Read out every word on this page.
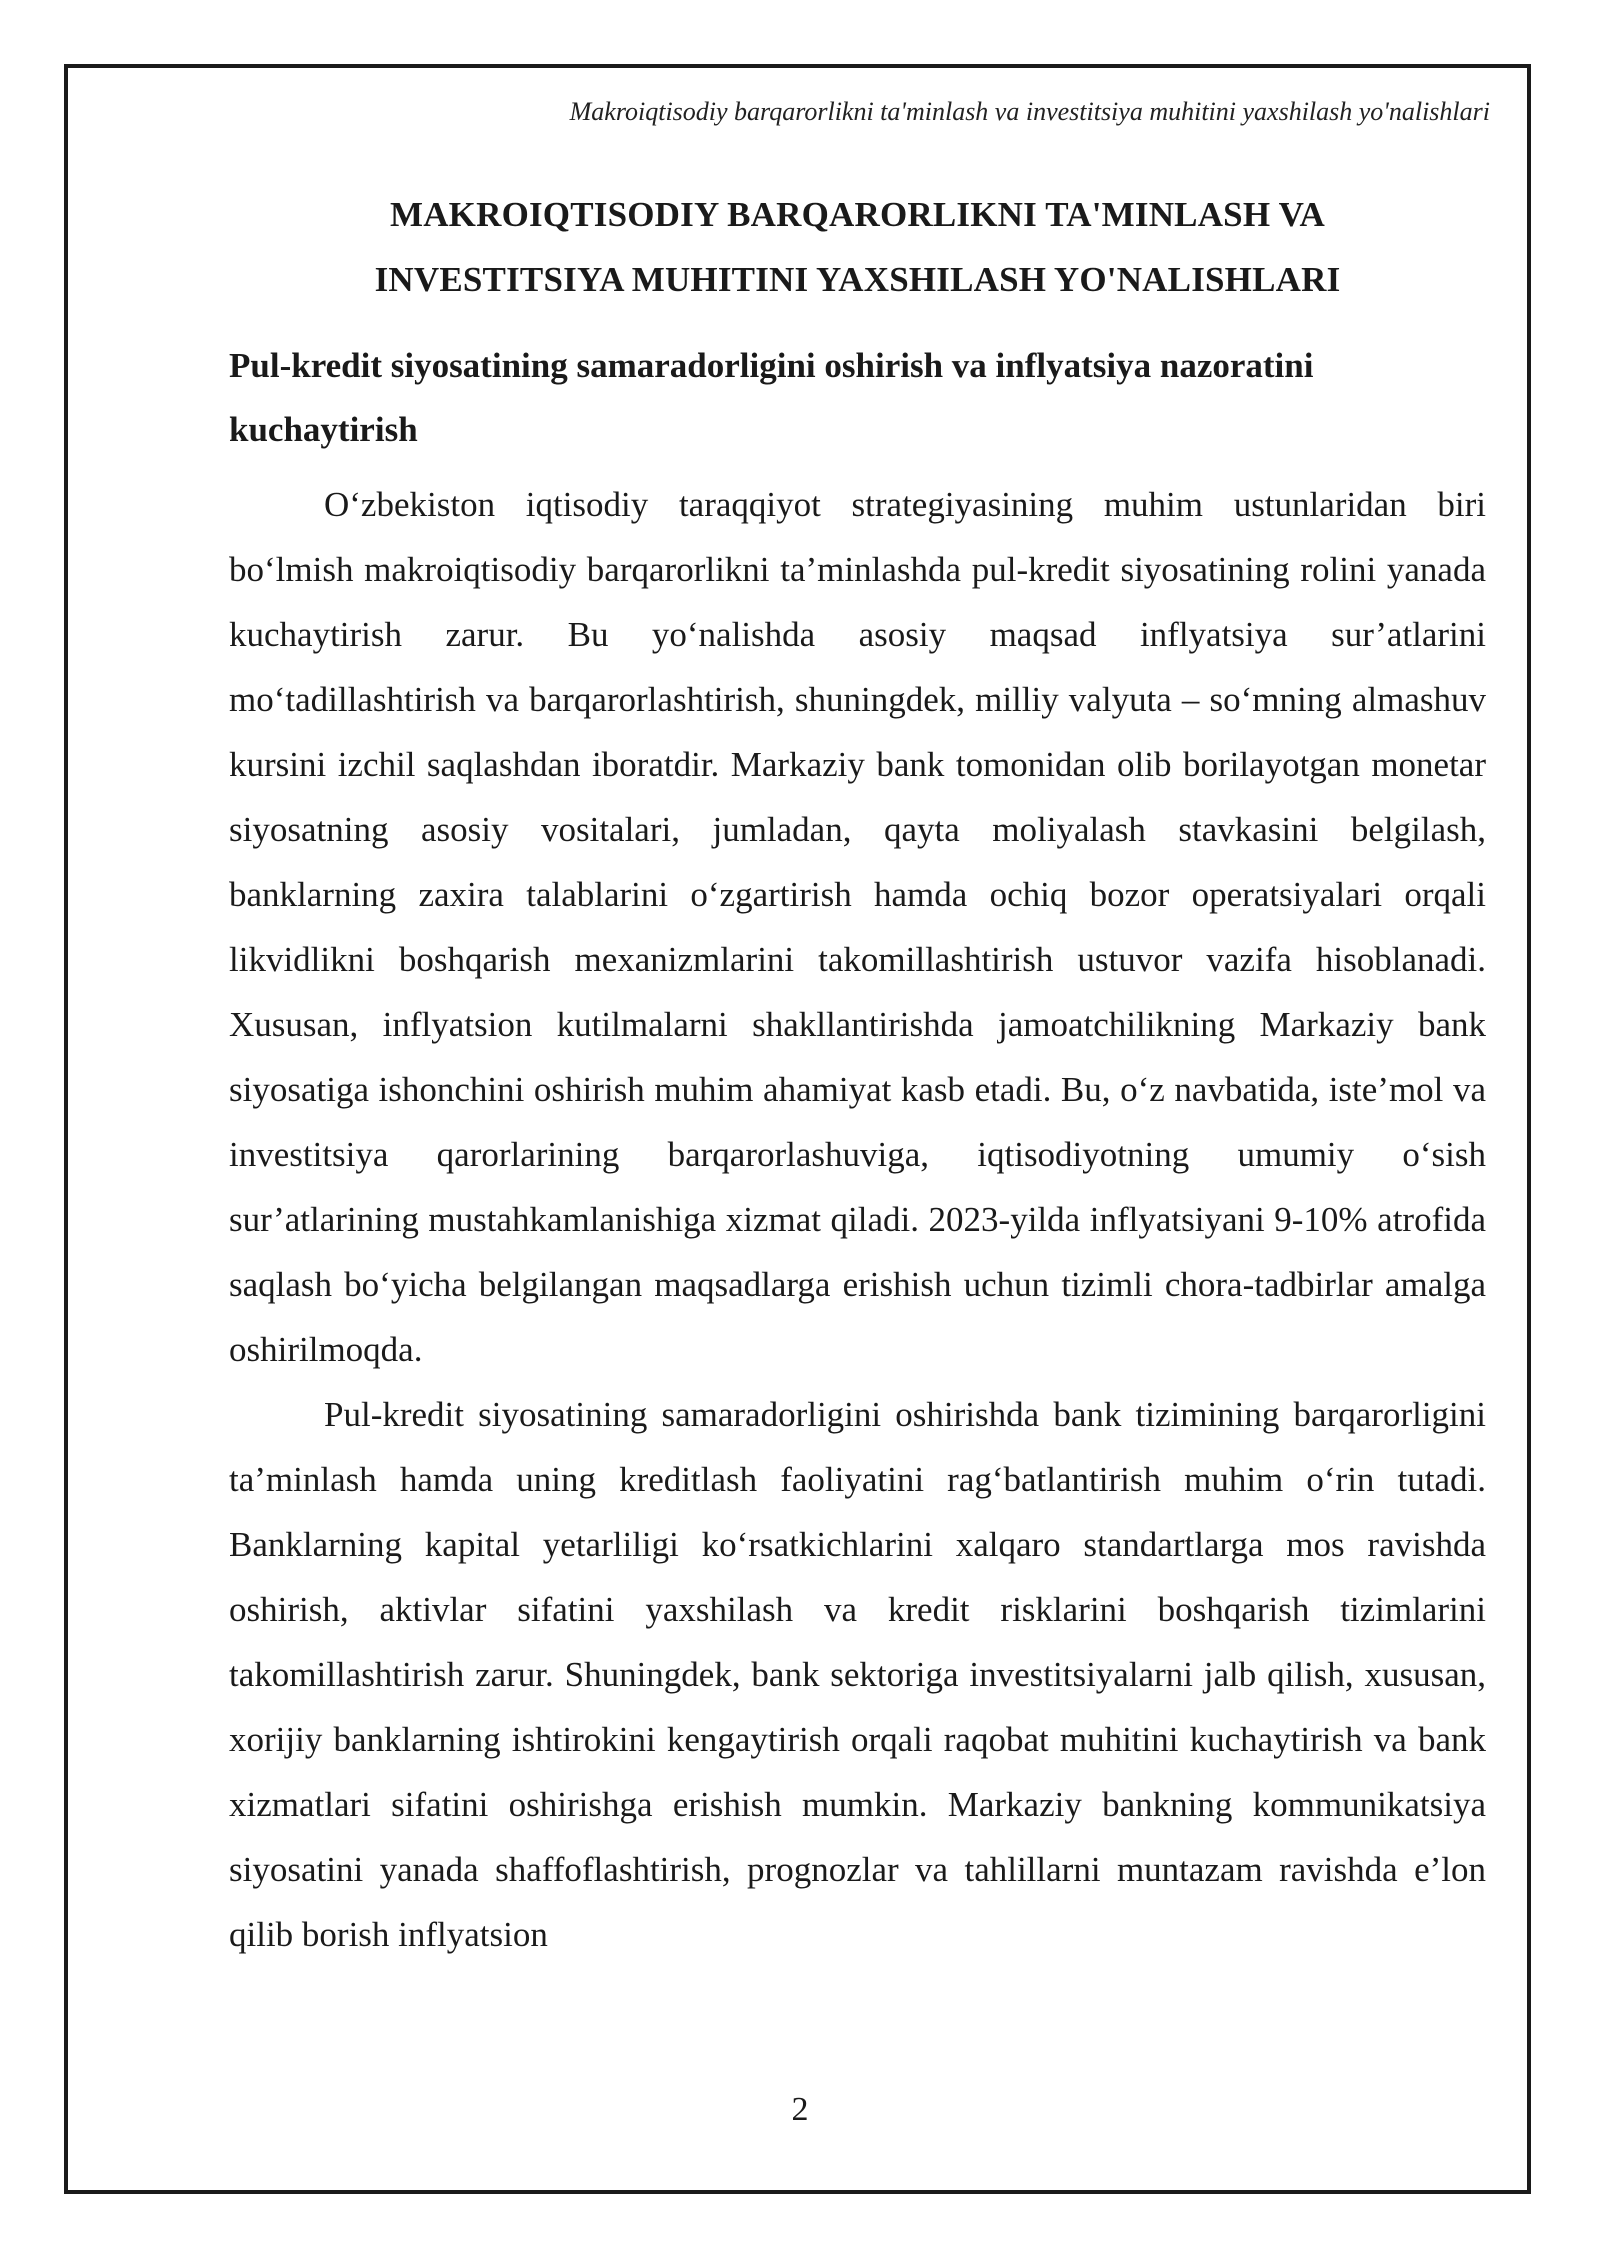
Makroiqtisodiy barqarorlikni ta'minlash va investitsiya muhitini yaxshilash yo'nalishlari
MAKROIQTISODIY BARQARORLIKNI TA'MINLASH VA
INVESTITSIYA MUHITINI YAXSHILASH YO'NALISHLARI
Pul-kredit siyosatining samaradorligini oshirish va inflyatsiya nazoratini kuchaytirish

O‘zbekiston iqtisodiy taraqqiyot strategiyasining muhim ustunlaridan biri bo‘lmish makroiqtisodiy barqarorlikni ta’minlashda pul-kredit siyosatining rolini yanada kuchaytirish zarur. Bu yo‘nalishda asosiy maqsad inflyatsiya sur’atlarini mo‘tadillashtirish va barqarorlashtirish, shuningdek, milliy valyuta – so‘mning almashuv kursini izchil saqlashdan iboratdir. Markaziy bank tomonidan olib borilayotgan monetar siyosatning asosiy vositalari, jumladan, qayta moliyalash stavkasini belgilash, banklarning zaxira talablarini o‘zgartirish hamda ochiq bozor operatsiyalari orqali likvidlikni boshqarish mexanizmlarini takomillashtirish ustuvor vazifa hisoblanadi. Xususan, inflyatsion kutilmalarni shakllantirishda jamoatchilikning Markaziy bank siyosatiga ishonchini oshirish muhim ahamiyat kasb etadi. Bu, o‘z navbatida, iste’mol va investitsiya qarorlarining barqarorlashuviga, iqtisodiyotning umumiy o‘sish sur’atlarining mustahkamlanishiga xizmat qiladi. 2023-yilda inflyatsiyani 9-10% atrofida saqlash bo‘yicha belgilangan maqsadlarga erishish uchun tizimli chora-tadbirlar amalga oshirilmoqda.

Pul-kredit siyosatining samaradorligini oshirishda bank tizimining barqarorligini ta’minlash hamda uning kreditlash faoliyatini rag‘batlantirish muhim o‘rin tutadi. Banklarning kapital yetarliligi ko‘rsatkichlarini xalqaro standartlarga mos ravishda oshirish, aktivlar sifatini yaxshilash va kredit risklarini boshqarish tizimlarini takomillashtirish zarur. Shuningdek, bank sektoriga investitsiyalarni jalb qilish, xususan, xorijiy banklarning ishtirokini kengaytirish orqali raqobat muhitini kuchaytirish va bank xizmatlari sifatini oshirishga erishish mumkin. Markaziy bankning kommunikatsiya siyosatini yanada shaffoflashtirish, prognozlar va tahlillarni muntazam ravishda e’lon qilib borish inflyatsion

2
